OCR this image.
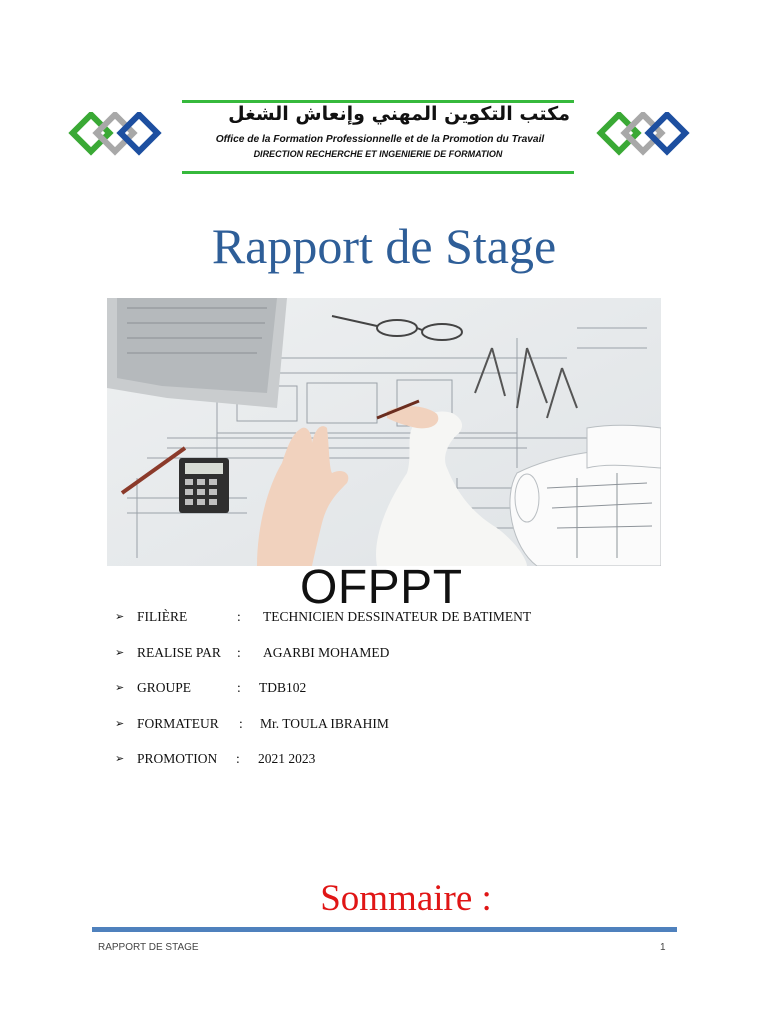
مكتب التكوين المهني وإنعاش الشغل
Office de la Formation Professionnelle et de la Promotion du Travail
DIRECTION RECHERCHE ET INGENIERIE DE FORMATION
Rapport de Stage
OFPPT
➢ FILIÈRE	: TECHNICIEN DESSINATEUR DE BATIMENT
➢ REALISE PAR : AGARBI MOHAMED
➢ GROUPE	: TDB102
➢ FORMATEUR : Mr. TOULA IBRAHIM
➢ PROMOTION : 2021 2023
Sommaire :
RAPPORT DE STAGE	1
